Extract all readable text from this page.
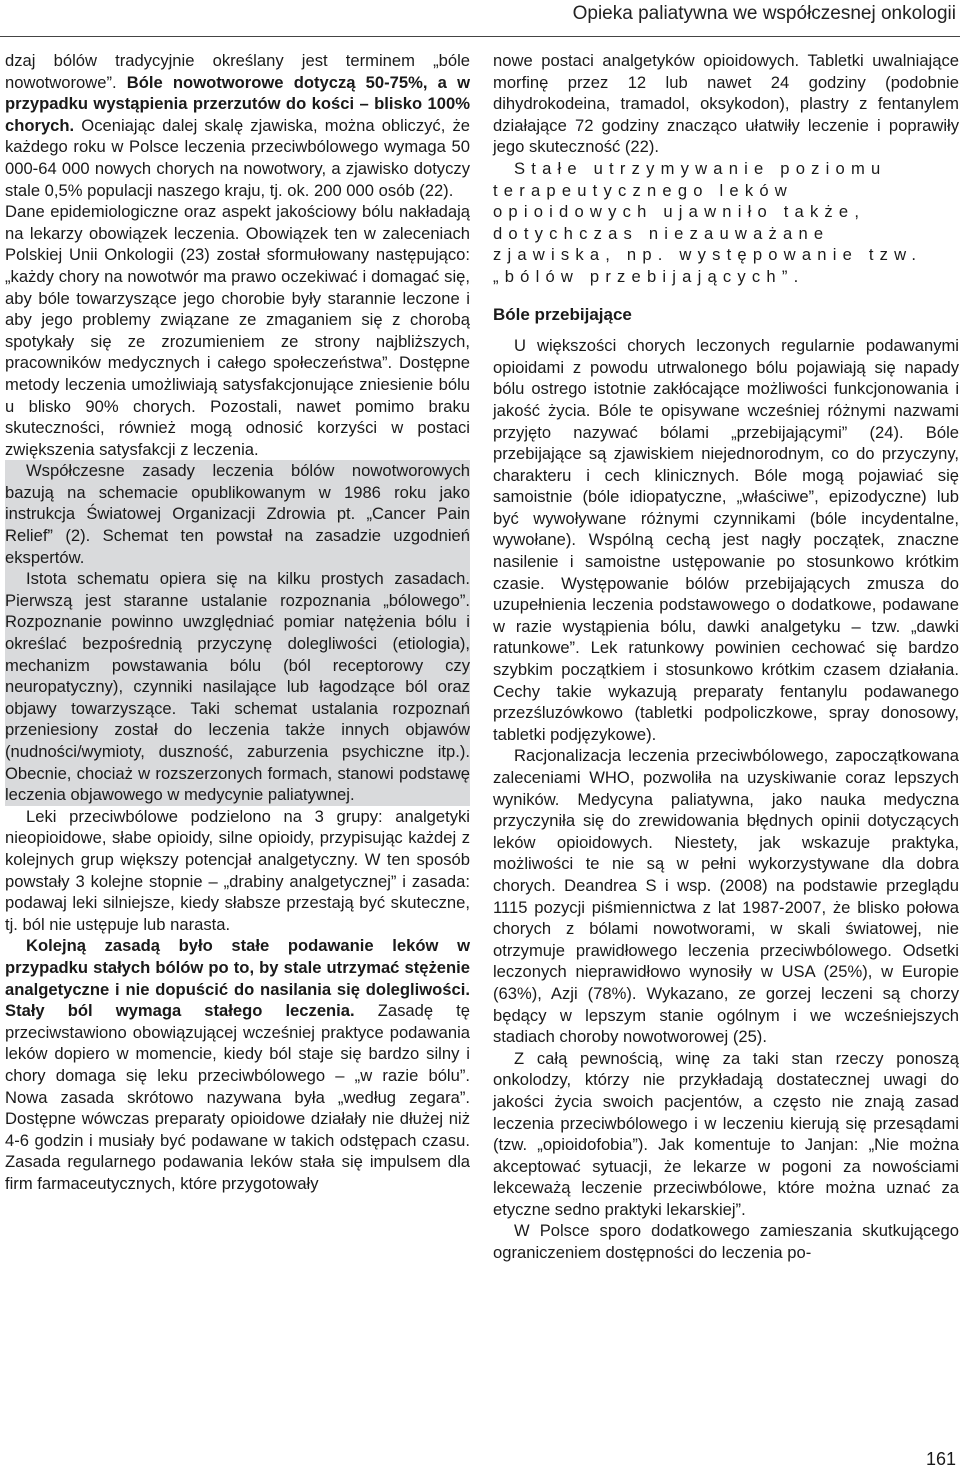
Opieka paliatywna we współczesnej onkologii

dzaj bólów tradycyjnie określany jest terminem „bóle nowotworowe”. Bóle nowotworowe dotyczą 50-75%, a w przypadku wystąpienia przerzutów do kości – blisko 100% chorych. Oceniając dalej skalę zjawiska, można obliczyć, że każdego roku w Polsce leczenia przeciwbólowego wymaga 50 000-64 000 nowych chorych na nowotwory, a zjawisko dotyczy stale 0,5% populacji naszego kraju, tj. ok. 200 000 osób (22).

Dane epidemiologiczne oraz aspekt jakościowy bólu nakładają na lekarzy obowiązek leczenia. Obowiązek ten w zaleceniach Polskiej Unii Onkologii (23) został sformułowany następująco: „każdy chory na nowotwór ma prawo oczekiwać i domagać się, aby bóle towarzyszące jego chorobie były starannie leczone i aby jego problemy związane ze zmaganiem się z chorobą spotykały się ze zrozumieniem ze strony najbliższych, pracowników medycznych i całego społeczeństwa”. Dostępne metody leczenia umożliwiają satysfakcjonujące zniesienie bólu u blisko 90% chorych. Pozostali, nawet pomimo braku skuteczności, również mogą odnosić korzyści w postaci zwiększenia satysfakcji z leczenia.

Współczesne zasady leczenia bólów nowotworowych bazują na schemacie opublikowanym w 1986 roku jako instrukcja Światowej Organizacji Zdrowia pt. „Cancer Pain Relief” (2). Schemat ten powstał na zasadzie uzgodnień ekspertów.

Istota schematu opiera się na kilku prostych zasadach. Pierwszą jest staranne ustalanie rozpoznania „bólowego”. Rozpoznanie powinno uwzględniać pomiar natężenia bólu i określać bezpośrednią przyczynę dolegliwości (etiologia), mechanizm powstawania bólu (ból receptorowy czy neuropatyczny), czynniki nasilające lub łagodzące ból oraz objawy towarzyszące. Taki schemat ustalania rozpoznań przeniesiony został do leczenia także innych objawów (nudności/wymioty, duszność, zaburzenia psychiczne itp.). Obecnie, chociaż w rozszerzonych formach, stanowi podstawę leczenia objawowego w medycynie paliatywnej.

Leki przeciwbólowe podzielono na 3 grupy: analgetyki nieopioidowe, słabe opioidy, silne opioidy, przypisując każdej z kolejnych grup większy potencjał analgetyczny. W ten sposób powstały 3 kolejne stopnie – „drabiny analgetycznej” i zasada: podawaj leki silniejsze, kiedy słabsze przestają być skuteczne, tj. ból nie ustępuje lub narasta.

Kolejną zasadą było stałe podawanie leków w przypadku stałych bólów po to, by stale utrzymać stężenie analgetyczne i nie dopuścić do nasilania się dolegliwości. Stały ból wymaga stałego leczenia. Zasadę tę przeciwstawiono obowiązującej wcześniej praktyce podawania leków dopiero w momencie, kiedy ból staje się bardzo silny i chory domaga się leku przeciwbólowego – „w razie bólu”. Nowa zasada skrótowo nazywana była „według zegara”. Dostępne wówczas preparaty opioidowe działały nie dłużej niż 4-6 godzin i musiały być podawane w takich odstępach czasu. Zasada regularnego podawania leków stała się impulsem dla firm farmaceutycznych, które przygotowały

nowe postaci analgetyków opioidowych. Tabletki uwalniające morfinę przez 12 lub nawet 24 godziny (podobnie dihydrokodeina, tramadol, oksykodon), plastry z fentanylem działające 72 godziny znacząco ułatwiły leczenie i poprawiły jego skuteczność (22).

Stałe utrzymywanie poziomu terapeutycznego leków opioidowych ujawniło także, dotychczas niezauważane zjawiska, np. występowanie tzw. „bólów przebijających”.

Bóle przebijające

U większości chorych leczonych regularnie podawanymi opioidami z powodu utrwalonego bólu pojawiają się napady bólu ostrego istotnie zakłócające możliwości funkcjonowania i jakość życia. Bóle te opisywane wcześniej różnymi nazwami przyjęto nazywać bólami „przebijającymi” (24). Bóle przebijające są zjawiskiem niejednorodnym, co do przyczyny, charakteru i cech klinicznych. Bóle mogą pojawiać się samoistnie (bóle idiopatyczne, „właściwe”, epizodyczne) lub być wywoływane różnymi czynnikami (bóle incydentalne, wywołane). Wspólną cechą jest nagły początek, znaczne nasilenie i samoistne ustępowanie po stosunkowo krótkim czasie. Występowanie bólów przebijających zmusza do uzupełnienia leczenia podstawowego o dodatkowe, podawane w razie wystąpienia bólu, dawki analgetyku – tzw. „dawki ratunkowe”. Lek ratunkowy powinien cechować się bardzo szybkim początkiem i stosunkowo krótkim czasem działania. Cechy takie wykazują preparaty fentanylu podawanego przezśluzówkowo (tabletki podpoliczkowe, spray donosowy, tabletki podjęzykowe).

Racjonalizacja leczenia przeciwbólowego, zapoczątkowana zaleceniami WHO, pozwoliła na uzyskiwanie coraz lepszych wyników. Medycyna paliatywna, jako nauka medyczna przyczyniła się do zrewidowania błędnych opinii dotyczących leków opioidowych. Niestety, jak wskazuje praktyka, możliwości te nie są w pełni wykorzystywane dla dobra chorych. Deandrea S i wsp. (2008) na podstawie przeglądu 1115 pozycji piśmiennictwa z lat 1987-2007, że blisko połowa chorych z bólami nowotworami, w skali światowej, nie otrzymuje prawidłowego leczenia przeciwbólowego. Odsetki leczonych nieprawidłowo wynosiły w USA (25%), w Europie (63%), Azji (78%). Wykazano, ze gorzej leczeni są chorzy będący w lepszym stanie ogólnym i we wcześniejszych stadiach choroby nowotworowej (25).

Z całą pewnością, winę za taki stan rzeczy ponoszą onkolodzy, którzy nie przykładają dostatecznej uwagi do jakości życia swoich pacjentów, a często nie znają zasad leczenia przeciwbólowego i w leczeniu kierują się przesądami (tzw. „opioidofobia”). Jak komentuje to Janjan: „Nie można akceptować sytuacji, że lekarze w pogoni za nowościami lekceważą leczenie przeciwbólowe, które można uznać za etyczne sedno praktyki lekarskiej”.

W Polsce sporo dodatkowego zamieszania skutkującego ograniczeniem dostępności do leczenia po-

161
